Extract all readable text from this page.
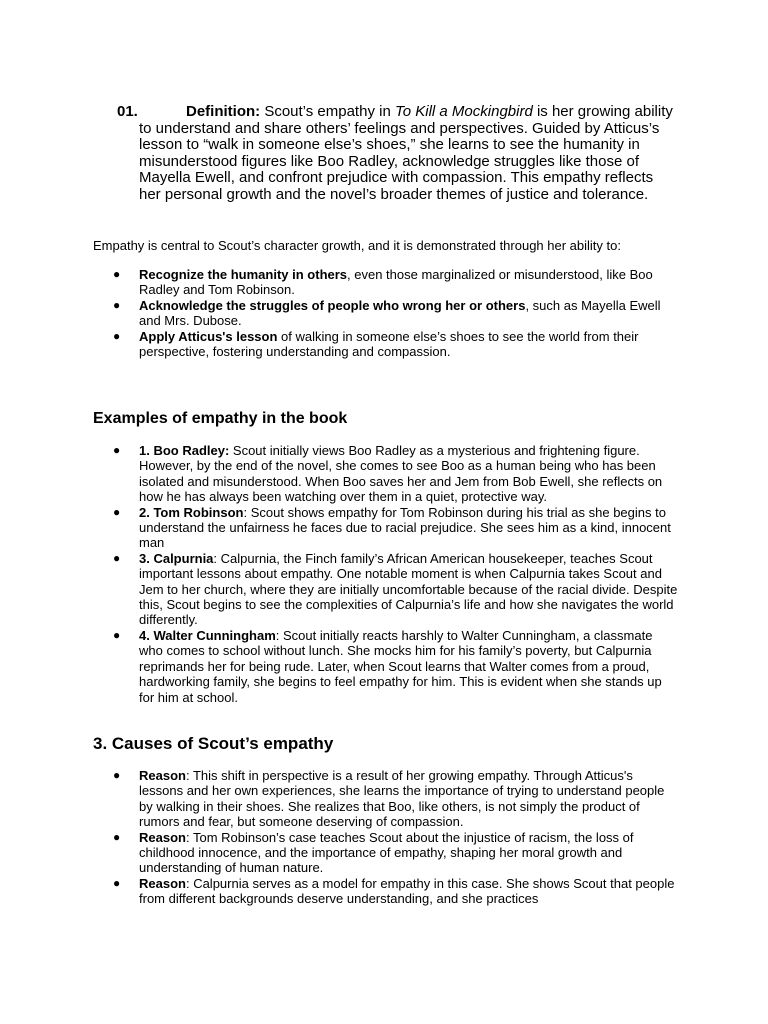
01.	Definition: Scout’s empathy in To Kill a Mockingbird is her growing ability to understand and share others’ feelings and perspectives. Guided by Atticus’s lesson to “walk in someone else’s shoes,” she learns to see the humanity in misunderstood figures like Boo Radley, acknowledge struggles like those of Mayella Ewell, and confront prejudice with compassion. This empathy reflects her personal growth and the novel’s broader themes of justice and tolerance.
Empathy is central to Scout’s character growth, and it is demonstrated through her ability to:
● Recognize the humanity in others, even those marginalized or misunderstood, like Boo Radley and Tom Robinson.
● Acknowledge the struggles of people who wrong her or others, such as Mayella Ewell and Mrs. Dubose.
● Apply Atticus's lesson of walking in someone else’s shoes to see the world from their perspective, fostering understanding and compassion.
Examples of empathy in the book
● 1. Boo Radley: Scout initially views Boo Radley as a mysterious and frightening figure. However, by the end of the novel, she comes to see Boo as a human being who has been isolated and misunderstood. When Boo saves her and Jem from Bob Ewell, she reflects on how he has always been watching over them in a quiet, protective way.
● 2. Tom Robinson: Scout shows empathy for Tom Robinson during his trial as she begins to understand the unfairness he faces due to racial prejudice. She sees him as a kind, innocent man
● 3. Calpurnia: Calpurnia, the Finch family’s African American housekeeper, teaches Scout important lessons about empathy. One notable moment is when Calpurnia takes Scout and Jem to her church, where they are initially uncomfortable because of the racial divide. Despite this, Scout begins to see the complexities of Calpurnia’s life and how she navigates the world differently.
● 4. Walter Cunningham: Scout initially reacts harshly to Walter Cunningham, a classmate who comes to school without lunch. She mocks him for his family’s poverty, but Calpurnia reprimands her for being rude. Later, when Scout learns that Walter comes from a proud, hardworking family, she begins to feel empathy for him. This is evident when she stands up for him at school.
3. Causes of Scout’s empathy
● Reason: This shift in perspective is a result of her growing empathy. Through Atticus's lessons and her own experiences, she learns the importance of trying to understand people by walking in their shoes. She realizes that Boo, like others, is not simply the product of rumors and fear, but someone deserving of compassion.
● Reason: Tom Robinson’s case teaches Scout about the injustice of racism, the loss of childhood innocence, and the importance of empathy, shaping her moral growth and understanding of human nature.
● Reason: Calpurnia serves as a model for empathy in this case. She shows Scout that people from different backgrounds deserve understanding, and she practices
